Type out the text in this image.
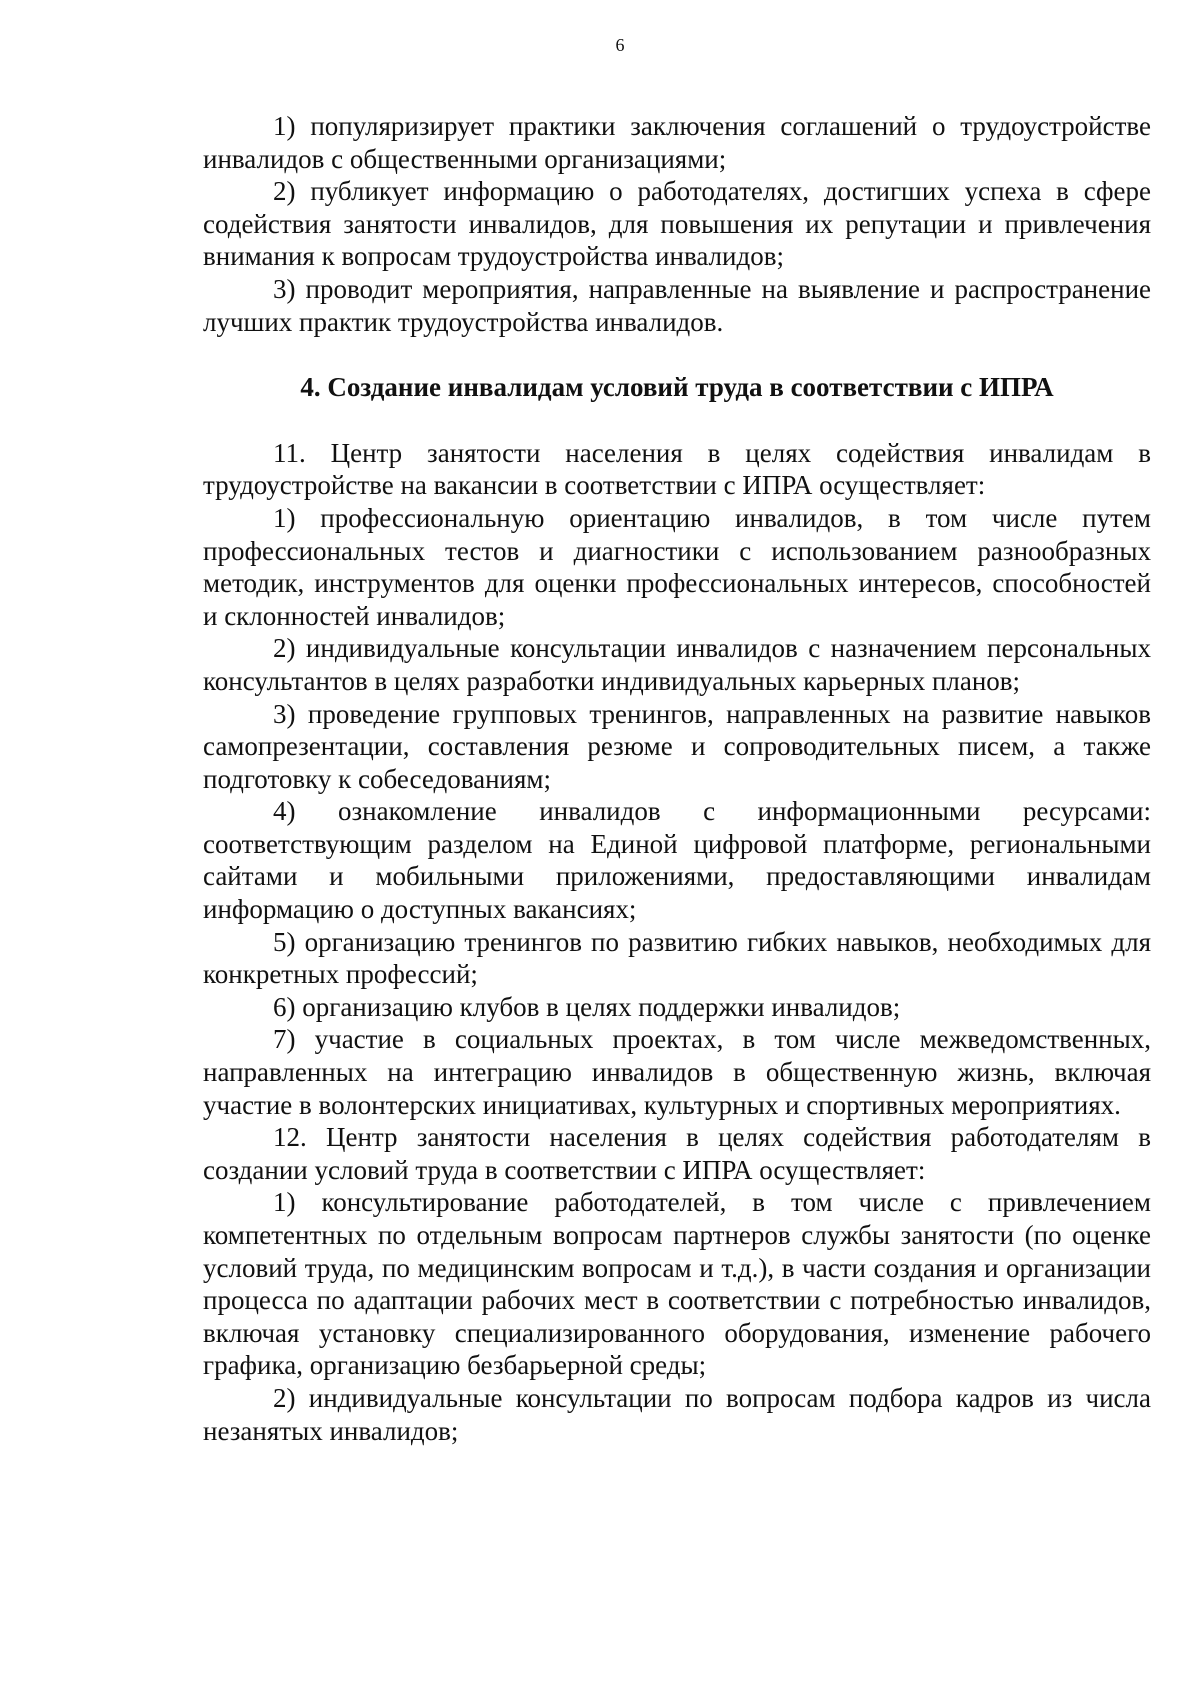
6

1) популяризирует практики заключения соглашений о трудоустройстве инвалидов с общественными организациями;

2) публикует информацию о работодателях, достигших успеха в сфере содействия занятости инвалидов, для повышения их репутации и привлечения внимания к вопросам трудоустройства инвалидов;

3) проводит мероприятия, направленные на выявление и распространение лучших практик трудоустройства инвалидов.

4. Создание инвалидам условий труда в соответствии с ИПРА

11. Центр занятости населения в целях содействия инвалидам в трудоустройстве на вакансии в соответствии с ИПРА осуществляет:

1) профессиональную ориентацию инвалидов, в том числе путем профессиональных тестов и диагностики с использованием разнообразных методик, инструментов для оценки профессиональных интересов, способностей и склонностей инвалидов;

2) индивидуальные консультации инвалидов с назначением персональных консультантов в целях разработки индивидуальных карьерных планов;

3) проведение групповых тренингов, направленных на развитие навыков самопрезентации, составления резюме и сопроводительных писем, а также подготовку к собеседованиям;

4) ознакомление инвалидов с информационными ресурсами: соответствующим разделом на Единой цифровой платформе, региональными сайтами и мобильными приложениями, предоставляющими инвалидам информацию о доступных вакансиях;

5) организацию тренингов по развитию гибких навыков, необходимых для конкретных профессий;

6) организацию клубов в целях поддержки инвалидов;

7) участие в социальных проектах, в том числе межведомственных, направленных на интеграцию инвалидов в общественную жизнь, включая участие в волонтерских инициативах, культурных и спортивных мероприятиях.

12. Центр занятости населения в целях содействия работодателям в создании условий труда в соответствии с ИПРА осуществляет:

1) консультирование работодателей, в том числе с привлечением компетентных по отдельным вопросам партнеров службы занятости (по оценке условий труда, по медицинским вопросам и т.д.), в части создания и организации процесса по адаптации рабочих мест в соответствии с потребностью инвалидов, включая установку специализированного оборудования, изменение рабочего графика, организацию безбарьерной среды;

2) индивидуальные консультации по вопросам подбора кадров из числа незанятых инвалидов;
